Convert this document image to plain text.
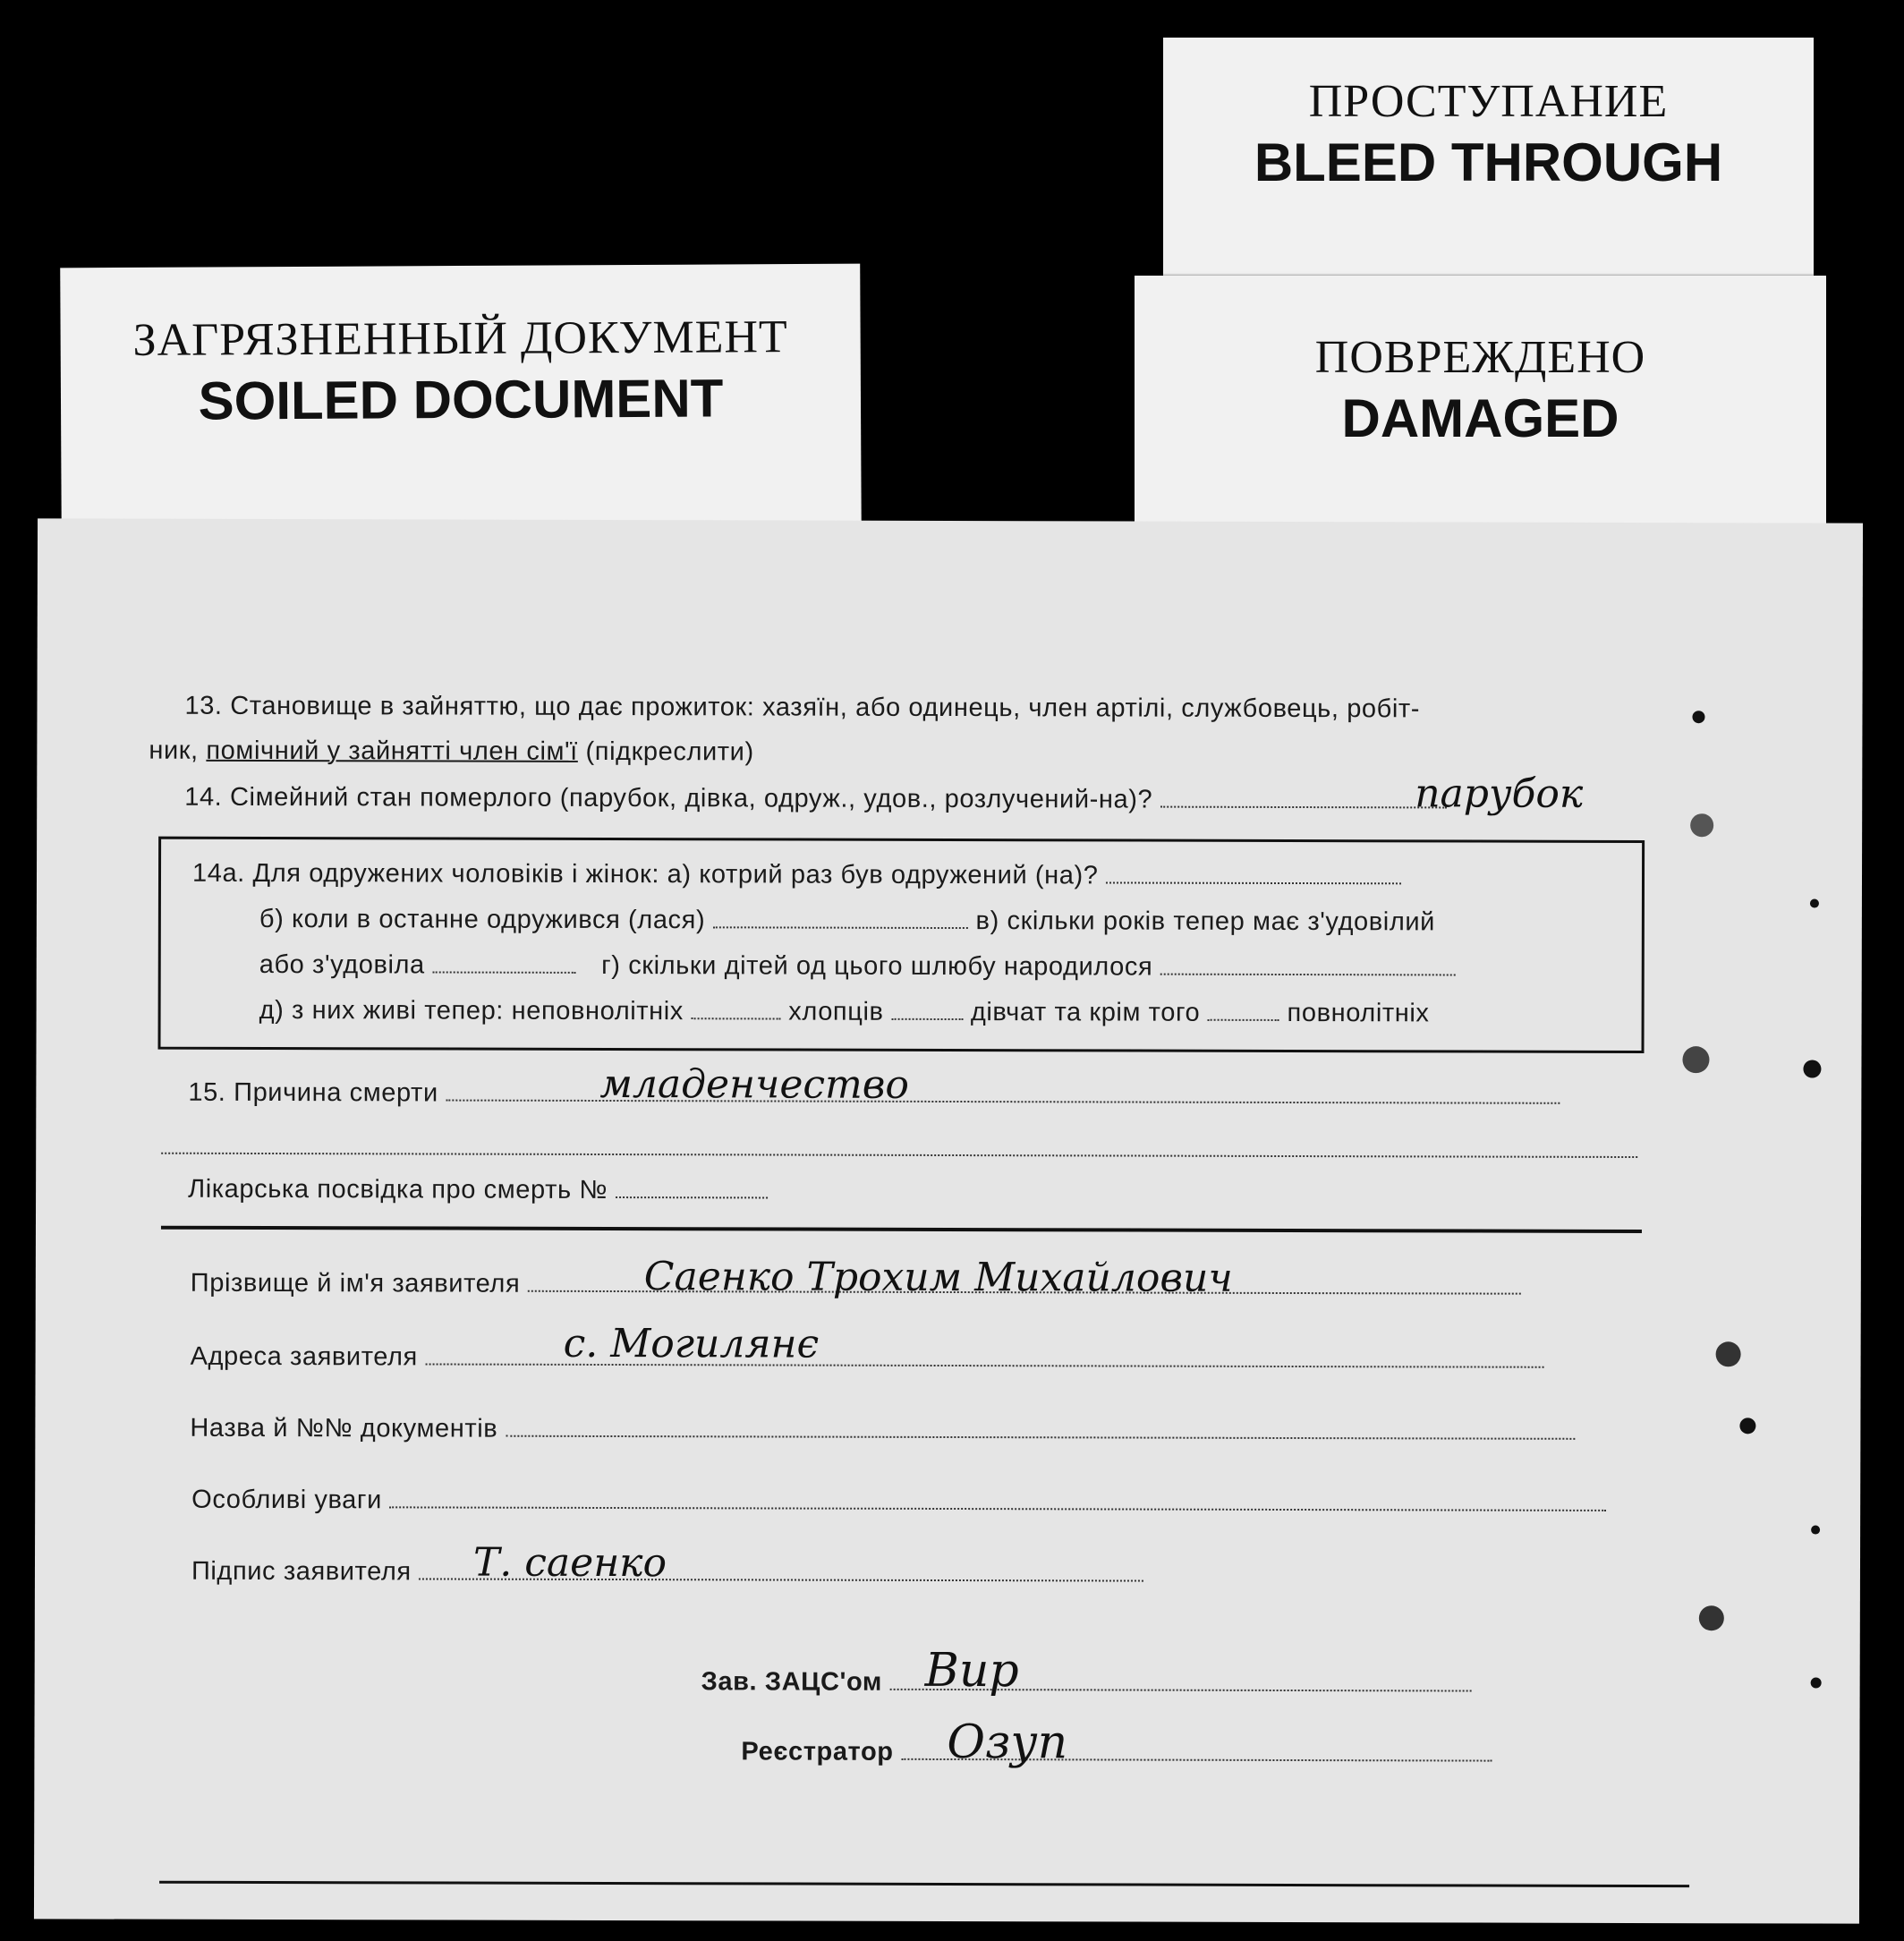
ЗАГРЯЗНЕННЫЙ ДОКУМЕНТ
SOILED DOCUMENT
ПРОСТУПАНИЕ
BLEED THROUGH
ПОВРЕЖДЕНО
DAMAGED
13. Становище в зайняттю, що дає прожиток: хазяїн, або одинець, член артілі, службовець, робіт-
ник, помічний у зайнятті член сім'ї (підкреслити)
14. Сімейний стан померлого (парубок, дівка, одруж., удов., розлучений-на)?	парубок
14а. Для одружених чоловіків і жінок: а) котрий раз був одружений (на)?
б) коли в останне одружився (лася)	в) скільки років тепер має з'удовілий
або з'удовіла	г) скільки дітей од цього шлюбу народилося
д) з них живі тепер: неповнолітніх	хлопців	дівчат та крім того	повнолітніх
15. Причина смерти	младенчество
Лікарська посвідка про смерть №
Прізвище й ім'я заявителя	Саенко Трохим Михайлович
Адреса заявителя	с. Могилянє
Назва й №№ документів
Особливі уваги
Підпис заявителя	Т. саенко
Зав. ЗАЦС'ом Вир
Реєстратор	Озуп
